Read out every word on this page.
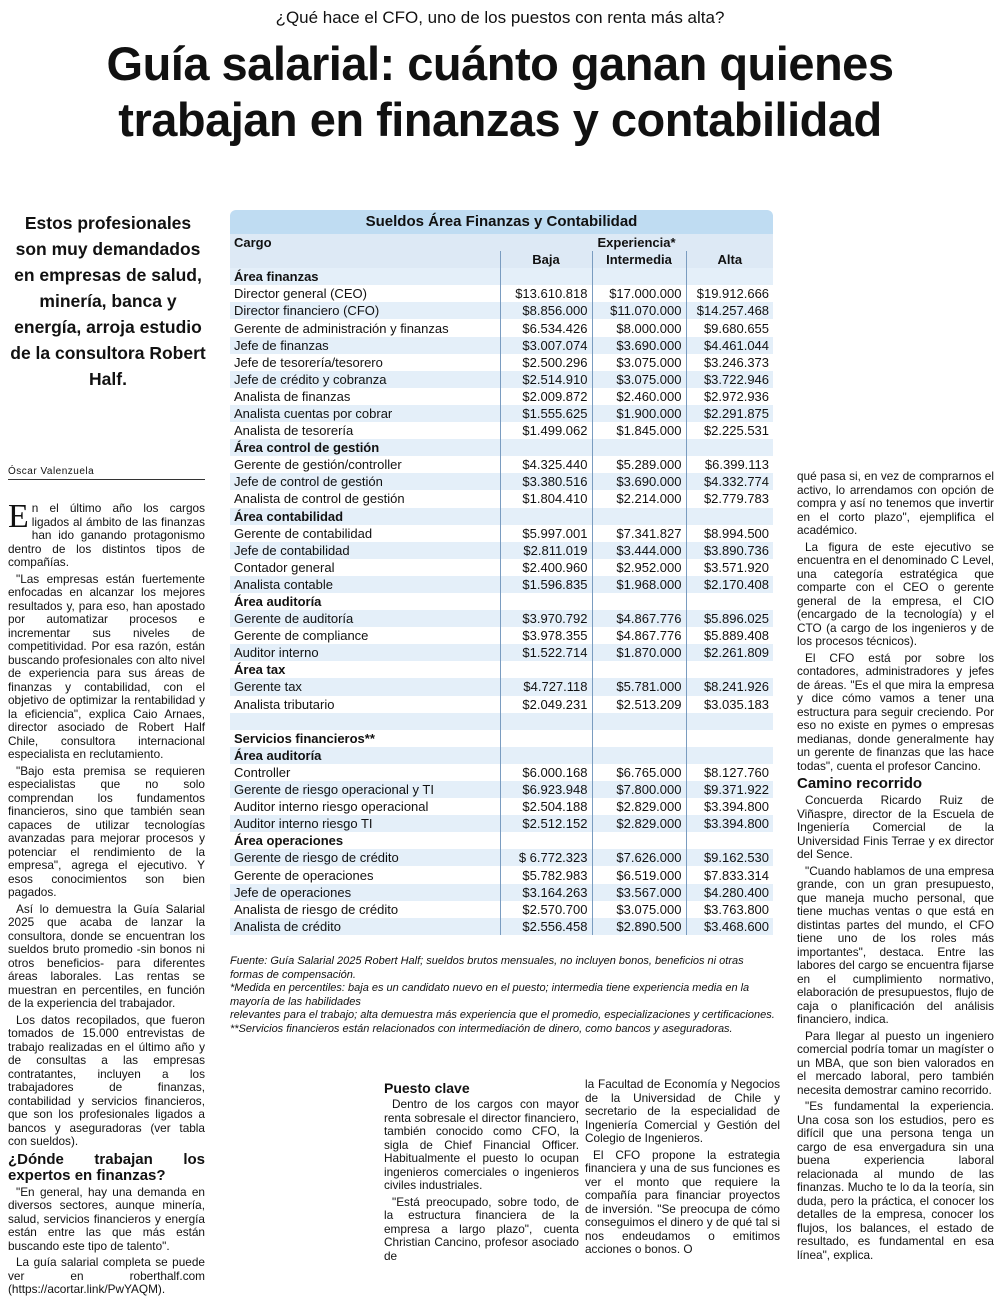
¿Qué hace el CFO, uno de los puestos con renta más alta?
Guía salarial: cuánto ganan quienes
trabajan en finanzas y contabilidad
Estos profesionales son muy demandados en empresas de salud, minería, banca y energía, arroja estudio de la consultora Robert Half.
Óscar Valenzuela

En el último año los cargos ligados al ámbito de las finanzas han ido ganando protagonismo dentro de los distintos tipos de compañías.

"Las empresas están fuertemente enfocadas en alcanzar los mejores resultados y, para eso, han apostado por automatizar procesos e incrementar sus niveles de competitividad. Por esa razón, están buscando profesionales con alto nivel de experiencia para sus áreas de finanzas y contabilidad, con el objetivo de optimizar la rentabilidad y la eficiencia", explica Caio Arnaes, director asociado de Robert Half Chile, consultora internacional especialista en reclutamiento.

"Bajo esta premisa se requieren especialistas que no solo comprendan los fundamentos financieros, sino que también sean capaces de utilizar tecnologías avanzadas para mejorar procesos y potenciar el rendimiento de la empresa", agrega el ejecutivo. Y esos conocimientos son bien pagados.

Así lo demuestra la Guía Salarial 2025 que acaba de lanzar la consultora, donde se encuentran los sueldos bruto promedio -sin bonos ni otros beneficios- para diferentes áreas laborales. Las rentas se muestran en percentiles, en función de la experiencia del trabajador.

Los datos recopilados, que fueron tomados de 15.000 entrevistas de trabajo realizadas en el último año y de consultas a las empresas contratantes, incluyen a los trabajadores de finanzas, contabilidad y servicios financieros, que son los profesionales ligados a bancos y aseguradoras (ver tabla con sueldos).

¿Dónde trabajan los expertos en finanzas?

"En general, hay una demanda en diversos sectores, aunque minería, salud, servicios financieros y energía están entre las que más están buscando este tipo de talento".

La guía salarial completa se puede ver en roberthalf.com (https://acortar.link/PwYAQM).

Sueldos Área Finanzas y Contabilidad
Cargo	Experiencia*		
	Baja	Intermedia	Alta
Área finanzas			
Director general (CEO)	$13.610.818	$17.000.000	$19.912.666
Director financiero (CFO)	$8.856.000	$11.070.000	$14.257.468
Gerente de administración y finanzas	$6.534.426	$8.000.000	$9.680.655
Jefe de finanzas	$3.007.074	$3.690.000	$4.461.044
Jefe de tesorería/tesorero	$2.500.296	$3.075.000	$3.246.373
Jefe de crédito y cobranza	$2.514.910	$3.075.000	$3.722.946
Analista de finanzas	$2.009.872	$2.460.000	$2.972.936
Analista cuentas por cobrar	$1.555.625	$1.900.000	$2.291.875
Analista de tesorería	$1.499.062	$1.845.000	$2.225.531
Área control de gestión			
Gerente de gestión/controller	$4.325.440	$5.289.000	$6.399.113
Jefe de control de gestión	$3.380.516	$3.690.000	$4.332.774
Analista de control de gestión	$1.804.410	$2.214.000	$2.779.783
Área contabilidad			
Gerente de contabilidad	$5.997.001	$7.341.827	$8.994.500
Jefe de contabilidad	$2.811.019	$3.444.000	$3.890.736
Contador general	$2.400.960	$2.952.000	$3.571.920
Analista contable	$1.596.835	$1.968.000	$2.170.408
Área auditoría			
Gerente de auditoría	$3.970.792	$4.867.776	$5.896.025
Gerente de compliance	$3.978.355	$4.867.776	$5.889.408
Auditor interno	$1.522.714	$1.870.000	$2.261.809
Área tax			
Gerente tax	$4.727.118	$5.781.000	$8.241.926
Analista tributario	$2.049.231	$2.513.209	$3.035.183

Servicios financieros**			
Área auditoría			
Controller	$6.000.168	$6.765.000	$8.127.760
Gerente de riesgo operacional y TI	$6.923.948	$7.800.000	$9.371.922
Auditor interno riesgo operacional	$2.504.188	$2.829.000	$3.394.800
Auditor interno riesgo TI	$2.512.152	$2.829.000	$3.394.800
Área operaciones			
Gerente de riesgo de crédito	$ 6.772.323	$7.626.000	$9.162.530
Gerente de operaciones	$5.782.983	$6.519.000	$7.833.314
Jefe de operaciones	$3.164.263	$3.567.000	$4.280.400
Analista de riesgo de crédito	$2.570.700	$3.075.000	$3.763.800
Analista de crédito	$2.556.458	$2.890.500	$3.468.600
Fuente: Guía Salarial 2025 Robert Half; sueldos brutos mensuales, no incluyen bonos, beneficios ni otras formas de compensación.
*Medida en percentiles: baja es un candidato nuevo en el puesto; intermedia tiene experiencia media en la mayoría de las habilidades
relevantes para el trabajo; alta demuestra más experiencia que el promedio, especializaciones y certificaciones.
**Servicios financieros están relacionados con intermediación de dinero, como bancos y aseguradoras.
Puesto clave

Dentro de los cargos con mayor renta sobresale el director financiero, también conocido como CFO, la sigla de Chief Financial Officer. Habitualmente el puesto lo ocupan ingenieros comerciales o ingenieros civiles industriales.

"Está preocupado, sobre todo, de la estructura financiera de la empresa a largo plazo", cuenta Christian Cancino, profesor asociado de

la Facultad de Economía y Negocios de la Universidad de Chile y secretario de la especialidad de Ingeniería Comercial y Gestión del Colegio de Ingenieros.

El CFO propone la estrategia financiera y una de sus funciones es ver el monto que requiere la compañía para financiar proyectos de inversión. "Se preocupa de cómo conseguimos el dinero y de qué tal si nos endeudamos o emitimos acciones o bonos. O

qué pasa si, en vez de comprarnos el activo, lo arrendamos con opción de compra y así no tenemos que invertir en el corto plazo", ejemplifica el académico.

La figura de este ejecutivo se encuentra en el denominado C Level, una categoría estratégica que comparte con el CEO o gerente general de la empresa, el CIO (encargado de la tecnología) y el CTO (a cargo de los ingenieros y de los procesos técnicos).

El CFO está por sobre los contadores, administradores y jefes de áreas. "Es el que mira la empresa y dice cómo vamos a tener una estructura para seguir creciendo. Por eso no existe en pymes o empresas medianas, donde generalmente hay un gerente de finanzas que las hace todas", cuenta el profesor Cancino.

Camino recorrido

Concuerda Ricardo Ruiz de Viñaspre, director de la Escuela de Ingeniería Comercial de la Universidad Finis Terrae y ex director del Sence.

"Cuando hablamos de una empresa grande, con un gran presupuesto, que maneja mucho personal, que tiene muchas ventas o que está en distintas partes del mundo, el CFO tiene uno de los roles más importantes", destaca. Entre las labores del cargo se encuentra fijarse en el cumplimiento normativo, elaboración de presupuestos, flujo de caja o planificación del análisis financiero, indica.

Para llegar al puesto un ingeniero comercial podría tomar un magíster o un MBA, que son bien valorados en el mercado laboral, pero también necesita demostrar camino recorrido.

"Es fundamental la experiencia. Una cosa son los estudios, pero es difícil que una persona tenga un cargo de esa envergadura sin una buena experiencia laboral relacionada al mundo de las finanzas. Mucho te lo da la teoría, sin duda, pero la práctica, el conocer los detalles de la empresa, conocer los flujos, los balances, el estado de resultado, es fundamental en esa línea", explica.
